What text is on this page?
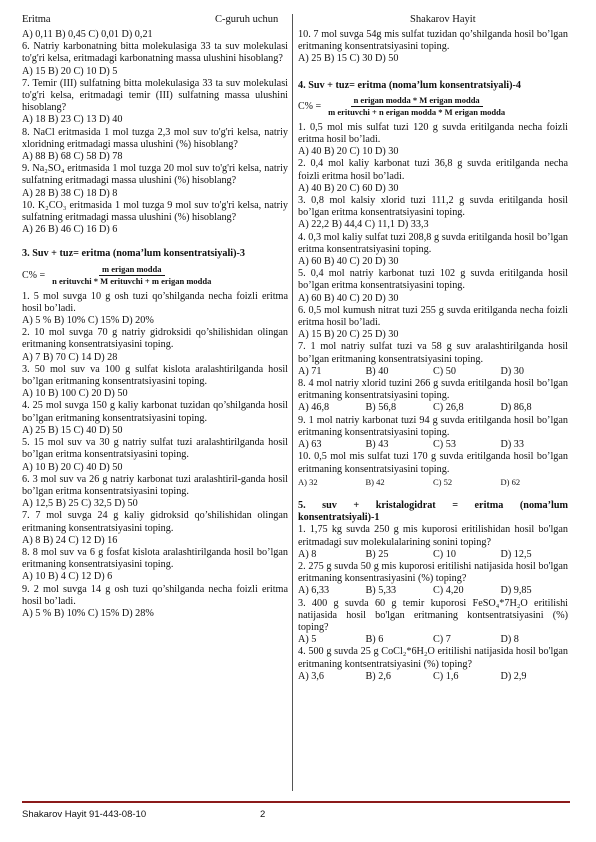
Eritma	C-guruh uchun	Shakarov Hayit

A) 0,11 B) 0,45 C) 0,01 D) 0,21

6. Natriy karbonatning bitta molekulasiga 33 ta suv molekulasi to'g'ri kelsa, eritmadagi karbonatning massa ulushini hisoblang?

A) 15 B) 20 C) 10 D) 5

7. Temir (III) sulfatning bitta molekulasiga 33 ta suv molekulasi to'g'ri kelsa, eritmadagi temir (III) sulfatning massa ulushini hisoblang?

A) 18 B) 23 C) 13 D) 40

8. NaCl eritmasida 1 mol tuzga 2,3 mol suv to'g'ri kelsa, natriy xloridning eritmadagi massa ulushini (%) hisoblang?

A) 88 B) 68 C) 58 D) 78

9. Na₂SO₄ eritmasida 1 mol tuzga 20 mol suv to'g'ri kelsa, natriy sulfatning eritmadagi massa ulushini (%) hisoblang?

A) 28 B) 38 C) 18 D) 8

10. K₂CO₃ eritmasida 1 mol tuzga 9 mol suv to'g'ri kelsa, natriy sulfatning eritmadagi massa ulushini (%) hisoblang?

A) 26 B) 46 C) 16 D) 6

3. Suv + tuz= eritma (noma’lum konsentratsiyali)-3

$C\% = \frac{\text{m erigan modda}}{\text{n erituvchi * M erituvchi + m erigan modda}}$

1. 5 mol suvga 10 g osh tuzi qo’shilganda necha foizli eritma hosil bo’ladi.

A) 5 % B) 10% C) 15% D) 20%

2. 10 mol suvga 70 g natriy gidroksidi qo’shilishidan olingan eritmaning konsentratsiyasini toping.

A) 7 B) 70 C) 14 D) 28

3. 50 mol suv va 100 g sulfat kislota aralashtirilganda hosil bo’lgan eritmaning konsentratsiyasini toping.

A) 10 B) 100 C) 20 D) 50

4. 25 mol suvga 150 g kaliy karbonat tuzidan qo’shilganda hosil bo’lgan eritmaning konsentratsiyasini toping.

A) 25 B) 15 C) 40 D) 50

5. 15 mol suv va 30 g natriy sulfat tuzi aralashtirilganda hosil bo’lgan eritma konsentratsiyasini toping.

A) 10 B) 20 C) 40 D) 50

6. 3 mol suv va 26 g natriy karbonat tuzi aralashtiril-ganda hosil bo’lgan eritma konsentratsiyasini toping.

A) 12,5 B) 25 C) 32,5 D) 50

7. 7 mol suvga 24 g kaliy gidroksid qo’shilishidan olingan eritmaning konsentratsiyasini toping.

A) 8 B) 24 C) 12 D) 16

8. 8 mol suv va 6 g fosfat kislota aralashtirilganda hosil bo’lgan eritmaning konsentratsiyasini toping.

A) 10 B) 4 C) 12 D) 6

9. 2 mol suvga 14 g osh tuzi qo’shilganda necha foizli eritma hosil bo’ladi.

A) 5 % B) 10% C) 15% D) 28%

10. 7 mol suvga 54g mis sulfat tuzidan qo’shilganda hosil bo’lgan eritmaning konsentratsiyasini toping.

A) 25 B) 15 C) 30 D) 50

4. Suv + tuz= eritma (noma’lum konsentratsiyali)-4

$C\% = \frac{\text{n erigan modda * M erigan modda}}{\text{m erituvchi + n erigan modda * M erigan modda}}$

1. 0,5 mol mis sulfat tuzi 120 g suvda eritilganda necha foizli eritma hosil bo’ladi.

A) 40 B) 20 C) 10 D) 30

2. 0,4 mol kaliy karbonat tuzi 36,8 g suvda eritilganda necha foizli eritma hosil bo’ladi.

A) 40 B) 20 C) 60 D) 30

3. 0,8 mol kalsiy xlorid tuzi 111,2 g suvda eritilganda hosil bo’lgan eritma konsentratsiyasini toping.

A) 22,2 B) 44,4 C) 11,1 D) 33,3

4. 0,3 mol kaliy sulfat tuzi 208,8 g suvda eritilganda hosil bo’lgan eritma konsentratsiyasini toping.

A) 60 B) 40 C) 20 D) 30

5. 0,4 mol natriy karbonat tuzi 102 g suvda eritilganda hosil bo’lgan eritma konsentratsiyasini toping.

A) 60 B) 40 C) 20 D) 30

6. 0,5 mol kumush nitrat tuzi 255 g suvda eritilganda necha foizli eritma hosil bo’ladi.

A) 15 B) 20 C) 25 D) 30

7. 1 mol natriy sulfat tuzi va 58 g suv aralashtirilganda hosil bo’lgan eritmaning konsentratsiyasini toping.

A) 71	B) 40	C) 50	D) 30

8. 4 mol natriy xlorid tuzini 266 g suvda eritilganda hosil bo’lgan eritmaning konsentratsiyasini toping.

A) 46,8	B) 56,8	C) 26,8	D) 86,8

9. 1 mol natriy karbonat tuzi 94 g suvda eritilganda hosil bo’lgan eritmaning konsentratsiyasini toping.

A) 63	B) 43	C) 53	D) 33

10. 0,5 mol mis sulfat tuzi 170 g suvda eritilganda hosil bo’lgan eritmaning konsentratsiyasini toping.

A) 32	B) 42	C) 52	D) 62

5. suv + kristalogidrat = eritma (noma’lum konsentratsiyali)-1

1. 1,75 kg suvda 250 g mis kuporosi eritilishidan hosil bo'lgan eritmadagi suv molekulalarining sonini toping?

A) 8	B) 25	C) 10	D) 12,5

2. 275 g suvda 50 g mis kuporosi eritilishi natijasida hosil bo'lgan eritmaning konsentrasiyasini (%) toping?

A) 6,33	B) 5,33	C) 4,20	D) 9,85

3. 400 g suvda 60 g temir kuporosi FeSO₄*7H₂O eritilishi natijasida hosil bo'lgan eritmaning kontsentratsiyasini (%) toping?

A) 5	B) 6	C) 7	D) 8

4. 500 g suvda 25 g CoCl₂*6H₂O eritilishi natijasida hosil bo'lgan eritmaning kontsentratsiyasini (%) toping?

A) 3,6	B) 2,6	C) 1,6	D) 2,9
Shakarov Hayit 91-443-08-10	2
